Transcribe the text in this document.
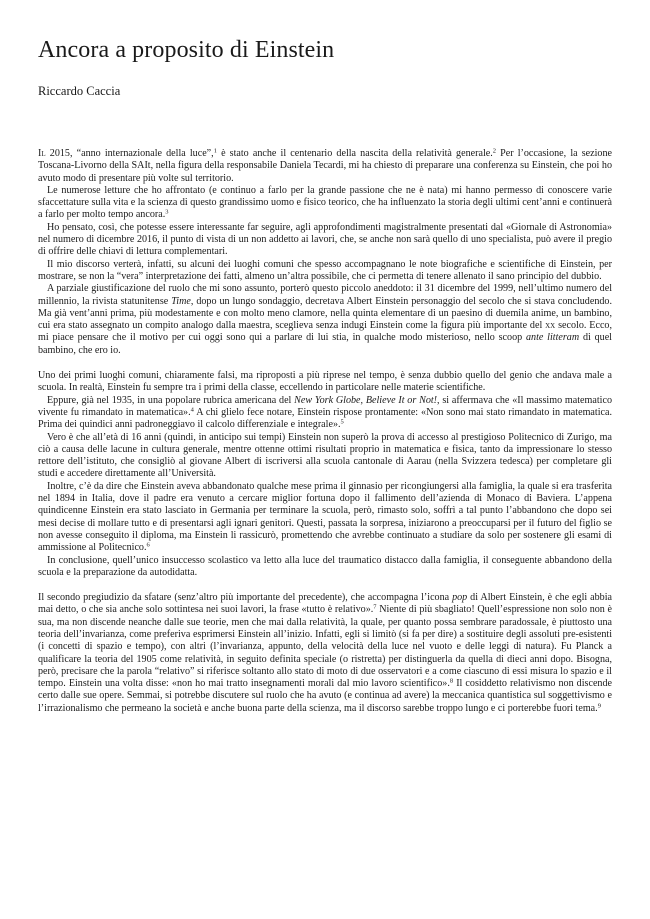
Ancora a proposito di Einstein
Riccardo Caccia

Il 2015, “anno internazionale della luce”,$^1$ è stato anche il centenario della nascita della relatività generale.$^2$ Per l’occasione, la sezione Toscana-Livorno della SAIt, nella figura della responsabile Daniela Tecardi, mi ha chiesto di preparare una conferenza su Einstein, che poi ho avuto modo di presentare più volte sul territorio.

Le numerose letture che ho affrontato (e continuo a farlo per la grande passione che ne è nata) mi hanno permesso di conoscere varie sfaccettature sulla vita e la scienza di questo grandissimo uomo e fisico teorico, che ha influenzato la storia degli ultimi cent’anni e continuerà a farlo per molto tempo ancora.$^3$

Ho pensato, così, che potesse essere interessante far seguire, agli approfondimenti magistralmente presentati dal «Giornale di Astronomia» nel numero di dicembre 2016, il punto di vista di un non addetto ai lavori, che, se anche non sarà quello di uno specialista, può avere il pregio di offrire delle chiavi di lettura complementari.

Il mio discorso verterà, infatti, su alcuni dei luoghi comuni che spesso accompagnano le note biografiche e scientifiche di Einstein, per mostrare, se non la “vera” interpretazione dei fatti, almeno un’altra possibile, che ci permetta di tenere allenato il sano principio del dubbio.

A parziale giustificazione del ruolo che mi sono assunto, porterò questo piccolo aneddoto: il 31 dicembre del 1999, nell’ultimo numero del millennio, la rivista statunitense Time, dopo un lungo sondaggio, decretava Albert Einstein personaggio del secolo che si stava concludendo. Ma già vent’anni prima, più modestamente e con molto meno clamore, nella quinta elementare di un paesino di duemila anime, un bambino, cui era stato assegnato un compito analogo dalla maestra, sceglieva senza indugi Einstein come la figura più importante del xx secolo. Ecco, mi piace pensare che il motivo per cui oggi sono qui a parlare di lui stia, in qualche modo misterioso, nello scoop ante litteram di quel bambino, che ero io.

Uno dei primi luoghi comuni, chiaramente falsi, ma riproposti a più riprese nel tempo, è senza dubbio quello del genio che andava male a scuola. In realtà, Einstein fu sempre tra i primi della classe, eccellendo in particolare nelle materie scientifiche.

Eppure, già nel 1935, in una popolare rubrica americana del New York Globe, Believe It or Not!, si affermava che «Il massimo matematico vivente fu rimandato in matematica».$^4$ A chi glielo fece notare, Einstein rispose prontamente: «Non sono mai stato rimandato in matematica. Prima dei quindici anni padroneggiavo il calcolo differenziale e integrale».$^5$

Vero è che all’età di 16 anni (quindi, in anticipo sui tempi) Einstein non superò la prova di accesso al prestigioso Politecnico di Zurigo, ma ciò a causa delle lacune in cultura generale, mentre ottenne ottimi risultati proprio in matematica e fisica, tanto da impressionare lo stesso rettore dell’istituto, che consigliò al giovane Albert di iscriversi alla scuola cantonale di Aarau (nella Svizzera tedesca) per completare gli studi e accedere direttamente all’Università.

Inoltre, c’è da dire che Einstein aveva abbandonato qualche mese prima il ginnasio per ricongiungersi alla famiglia, la quale si era trasferita nel 1894 in Italia, dove il padre era venuto a cercare miglior fortuna dopo il fallimento dell’azienda di Monaco di Baviera. L’appena quindicenne Einstein era stato lasciato in Germania per terminare la scuola, però, rimasto solo, soffrì a tal punto l’abbandono che dopo sei mesi decise di mollare tutto e di presentarsi agli ignari genitori. Questi, passata la sorpresa, iniziarono a preoccuparsi per il futuro del figlio se non avesse conseguito il diploma, ma Einstein li rassicurò, promettendo che avrebbe continuato a studiare da solo per sostenere gli esami di ammissione al Politecnico.$^6$

In conclusione, quell’unico insuccesso scolastico va letto alla luce del traumatico distacco dalla famiglia, il conseguente abbandono della scuola e la preparazione da autodidatta.

Il secondo pregiudizio da sfatare (senz’altro più importante del precedente), che accompagna l’icona pop di Albert Einstein, è che egli abbia mai detto, o che sia anche solo sottintesa nei suoi lavori, la frase «tutto è relativo».$^7$ Niente di più sbagliato! Quell’espressione non solo non è sua, ma non discende neanche dalle sue teorie, men che mai dalla relatività, la quale, per quanto possa sembrare paradossale, è piuttosto una teoria dell’invarianza, come preferiva esprimersi Einstein all’inizio. Infatti, egli si limitò (si fa per dire) a sostituire degli assoluti pre-esistenti (i concetti di spazio e tempo), con altri (l’invarianza, appunto, della velocità della luce nel vuoto e delle leggi di natura). Fu Planck a qualificare la teoria del 1905 come relatività, in seguito definita speciale (o ristretta) per distinguerla da quella di dieci anni dopo. Bisogna, però, precisare che la parola “relativo” si riferisce soltanto allo stato di moto di due osservatori e a come ciascuno di essi misura lo spazio e il tempo. Einstein una volta disse: «non ho mai tratto insegnamenti morali dal mio lavoro scientifico».$^8$ Il cosiddetto relativismo non discende certo dalle sue opere. Semmai, si potrebbe discutere sul ruolo che ha avuto (e continua ad avere) la meccanica quantistica sul soggettivismo e l’irrazionalismo che permeano la società e anche buona parte della scienza, ma il discorso sarebbe troppo lungo e ci porterebbe fuori tema.$^9$
